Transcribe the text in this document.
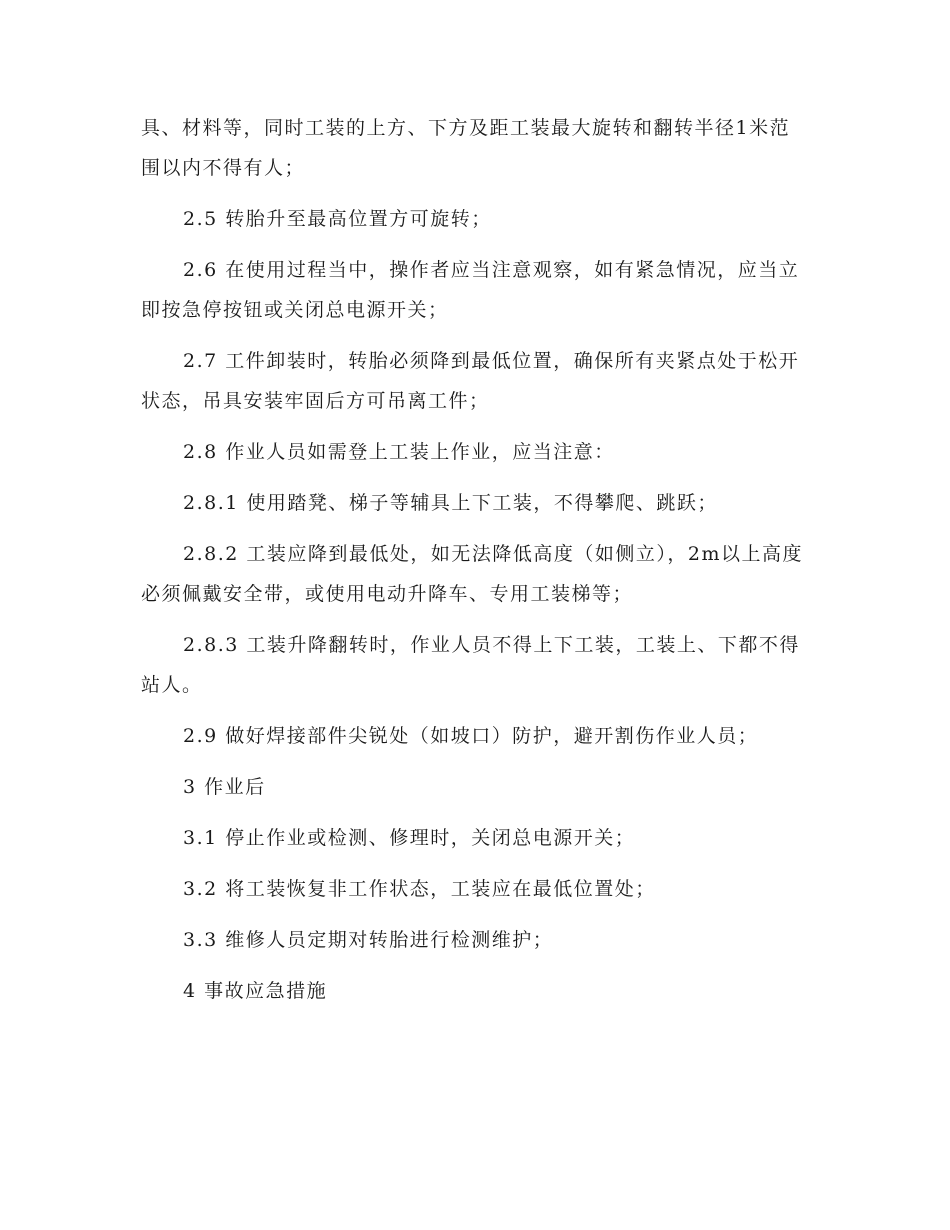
具、材料等，同时工装的上方、下方及距工装最大旋转和翻转半径1米范围以内不得有人；

2.5 转胎升至最高位置方可旋转；

2.6 在使用过程当中，操作者应当注意观察，如有紧急情况，应当立即按急停按钮或关闭总电源开关；

2.7 工件卸装时，转胎必须降到最低位置，确保所有夹紧点处于松开状态，吊具安装牢固后方可吊离工件；

2.8 作业人员如需登上工装上作业，应当注意：

2.8.1 使用踏凳、梯子等辅具上下工装，不得攀爬、跳跃；

2.8.2 工装应降到最低处，如无法降低高度（如侧立），2m以上高度必须佩戴安全带，或使用电动升降车、专用工装梯等；

2.8.3 工装升降翻转时，作业人员不得上下工装，工装上、下都不得站人。

2.9 做好焊接部件尖锐处（如坡口）防护，避开割伤作业人员；

3 作业后

3.1 停止作业或检测、修理时，关闭总电源开关；

3.2 将工装恢复非工作状态，工装应在最低位置处；

3.3 维修人员定期对转胎进行检测维护；

4 事故应急措施
